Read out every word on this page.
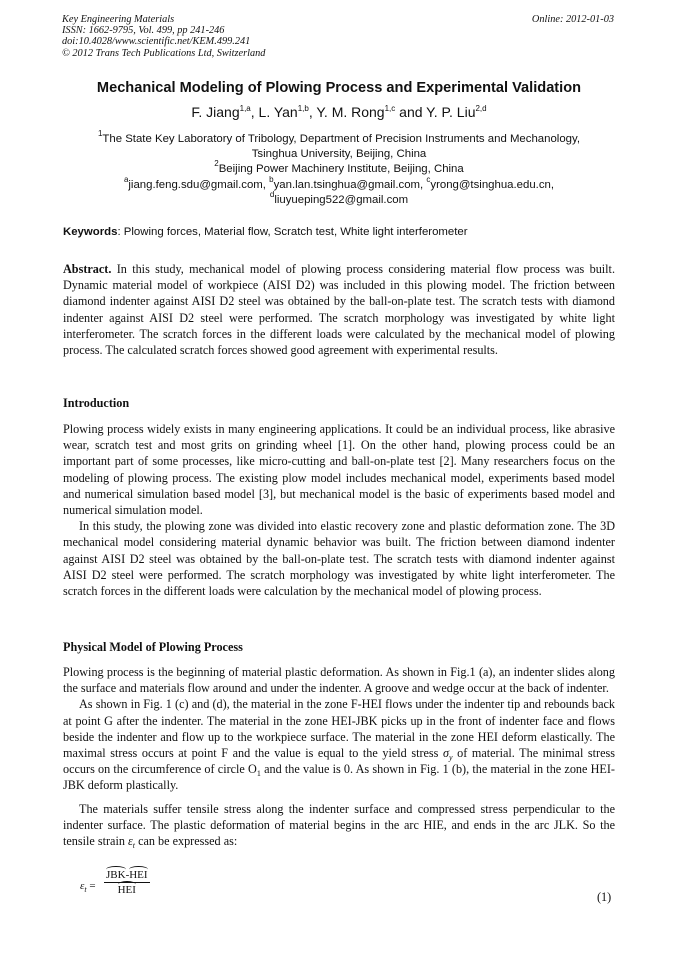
Key Engineering Materials
ISSN: 1662-9795, Vol. 499, pp 241-246
doi:10.4028/www.scientific.net/KEM.499.241
© 2012 Trans Tech Publications Ltd, Switzerland
Online: 2012-01-03
Mechanical Modeling of Plowing Process and Experimental Validation
F. Jiang$^{1,a}$, L. Yan$^{1,b}$, Y. M. Rong$^{1,c}$ and Y. P. Liu$^{2,d}$
$^1$The State Key Laboratory of Tribology, Department of Precision Instruments and Mechanology,
Tsinghua University, Beijing, China
$^2$Beijing Power Machinery Institute, Beijing, China
$^a$jiang.feng.sdu@gmail.com, $^b$yan.lan.tsinghua@gmail.com, $^c$yrong@tsinghua.edu.cn,
$^d$liuyueping522@gmail.com
Keywords: Plowing forces, Material flow, Scratch test, White light interferometer

Abstract. In this study, mechanical model of plowing process considering material flow process was built. Dynamic material model of workpiece (AISI D2) was included in this plowing model. The friction between diamond indenter against AISI D2 steel was obtained by the ball-on-plate test. The scratch tests with diamond indenter against AISI D2 steel were performed. The scratch morphology was investigated by white light interferometer. The scratch forces in the different loads were calculated by the mechanical model of plowing process. The calculated scratch forces showed good agreement with experimental results.

Introduction

Plowing process widely exists in many engineering applications. It could be an individual process, like abrasive wear, scratch test and most grits on grinding wheel [1]. On the other hand, plowing process could be an important part of some processes, like micro-cutting and ball-on-plate test [2]. Many researchers focus on the modeling of plowing process. The existing plow model includes mechanical model, experiments based model and numerical simulation based model [3], but mechanical model is the basic of experiments based model and numerical simulation model.

In this study, the plowing zone was divided into elastic recovery zone and plastic deformation zone. The 3D mechanical model considering material dynamic behavior was built. The friction between diamond indenter against AISI D2 steel was obtained by the ball-on-plate test. The scratch tests with diamond indenter against AISI D2 steel were performed. The scratch morphology was investigated by white light interferometer. The scratch forces in the different loads were calculation by the mechanical model of plowing process.

Physical Model of Plowing Process

Plowing process is the beginning of material plastic deformation. As shown in Fig.1 (a), an indenter slides along the surface and materials flow around and under the indenter. A groove and wedge occur at the back of indenter.

As shown in Fig. 1 (c) and (d), the material in the zone F-HEI flows under the indenter tip and rebounds back at point G after the indenter. The material in the zone HEI-JBK picks up in the front of indenter face and flows beside the indenter and flow up to the workpiece surface. The material in the zone HEI deform elastically. The maximal stress occurs at point F and the value is equal to the yield stress $\sigma_y$ of material. The minimal stress occurs on the circumference of circle $O_1$ and the value is 0. As shown in Fig. 1 (b), the material in the zone HEI-JBK deform plastically.

The materials suffer tensile stress along the indenter surface and compressed stress perpendicular to the indenter surface. The plastic deformation of material begins in the arc HIE, and ends in the arc JLK. So the tensile strain $\varepsilon_t$ can be expressed as:

$\varepsilon_t$ =
JBK-HEI
HEI	(1)
